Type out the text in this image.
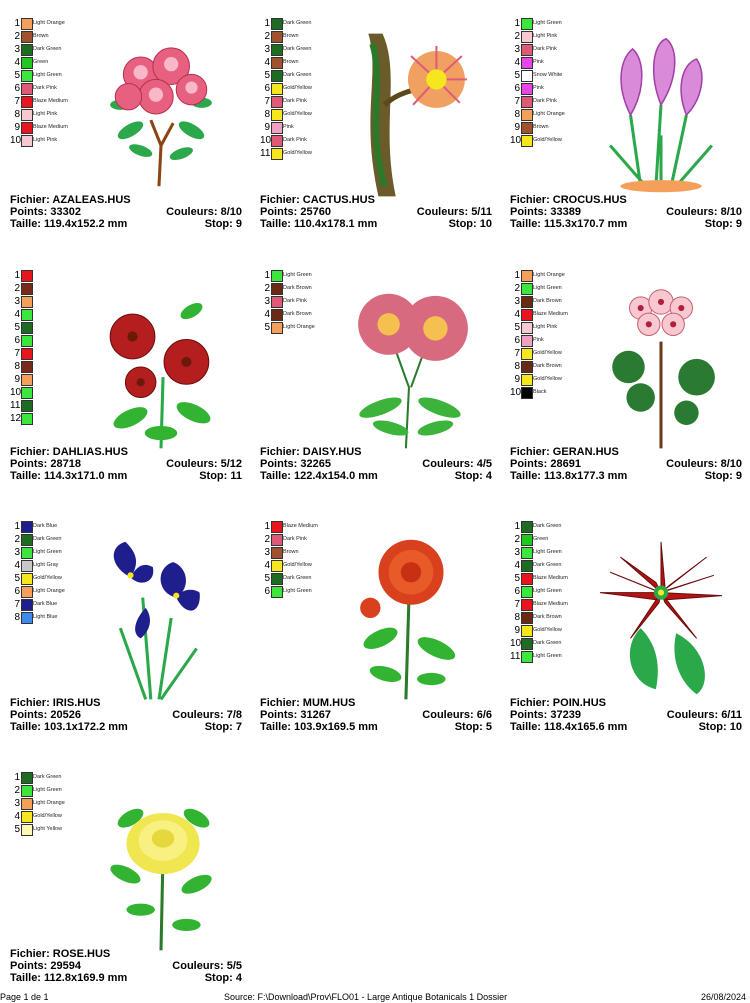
1 Light Orange
2 Brown
3 Dark Green
4 Green
5 Light Green
6 Dark Pink
7 Blaze Medium
8 Light Pink
9 Blaze Medium
10 Light Pink
Fichier: AZALEAS.HUS
Points: 33302	Couleurs: 8/10
Taille: 119.4x152.2 mm	Stop: 9
1 Dark Green
2 Brown
3 Dark Green
4 Brown
5 Dark Green
6 Gold/Yellow
7 Dark Pink
8 Gold/Yellow
9 Pink
10 Dark Pink
11 Gold/Yellow
Fichier: CACTUS.HUS
Points: 25760	Couleurs: 5/11
Taille: 110.4x178.1 mm	Stop: 10
1 Light Green
2 Light Pink
3 Dark Pink
4 Pink
5 Snow White
6 Pink
7 Dark Pink
8 Light Orange
9 Brown
10 Gold/Yellow
Fichier: CROCUS.HUS
Points: 33389	Couleurs: 8/10
Taille: 115.3x170.7 mm	Stop: 9
1
2
3
4
5
6
7
8
9
10
11
12
Fichier: DAHLIAS.HUS
Points: 28718	Couleurs: 5/12
Taille: 114.3x171.0 mm	Stop: 11
1 Light Green
2 Dark Brown
3 Dark Pink
4 Dark Brown
5 Light Orange
Fichier: DAISY.HUS
Points: 32265	Couleurs: 4/5
Taille: 122.4x154.0 mm	Stop: 4
1 Light Orange
2 Light Green
3 Dark Brown
4 Blaze Medium
5 Light Pink
6 Pink
7 Gold/Yellow
8 Dark Brown
9 Gold/Yellow
10 Black
Fichier: GERAN.HUS
Points: 28691	Couleurs: 8/10
Taille: 113.8x177.3 mm	Stop: 9
1 Dark Blue
2 Dark Green
3 Light Green
4 Light Gray
5 Gold/Yellow
6 Light Orange
7 Dark Blue
8 Light Blue
Fichier: IRIS.HUS
Points: 20526	Couleurs: 7/8
Taille: 103.1x172.2 mm	Stop: 7
1 Blaze Medium
2 Dark Pink
3 Brown
4 Gold/Yellow
5 Dark Green
6 Light Green
Fichier: MUM.HUS
Points: 31267	Couleurs: 6/6
Taille: 103.9x169.5 mm	Stop: 5
1 Dark Green
2 Green
3 Light Green
4 Dark Green
5 Blaze Medium
6 Light Green
7 Blaze Medium
8 Dark Brown
9 Gold/Yellow
10 Dark Green
11 Light Green
Fichier: POIN.HUS
Points: 37239	Couleurs: 6/11
Taille: 118.4x165.6 mm	Stop: 10
1 Dark Green
2 Light Green
3 Light Orange
4 Gold/Yellow
5 Light Yellow
Fichier: ROSE.HUS
Points: 29594	Couleurs: 5/5
Taille: 112.8x169.9 mm	Stop: 4
Page 1 de 1	Source: F:\Download\Prov\FLO01 - Large Antique Botanicals 1 Dossier	26/08/2024
